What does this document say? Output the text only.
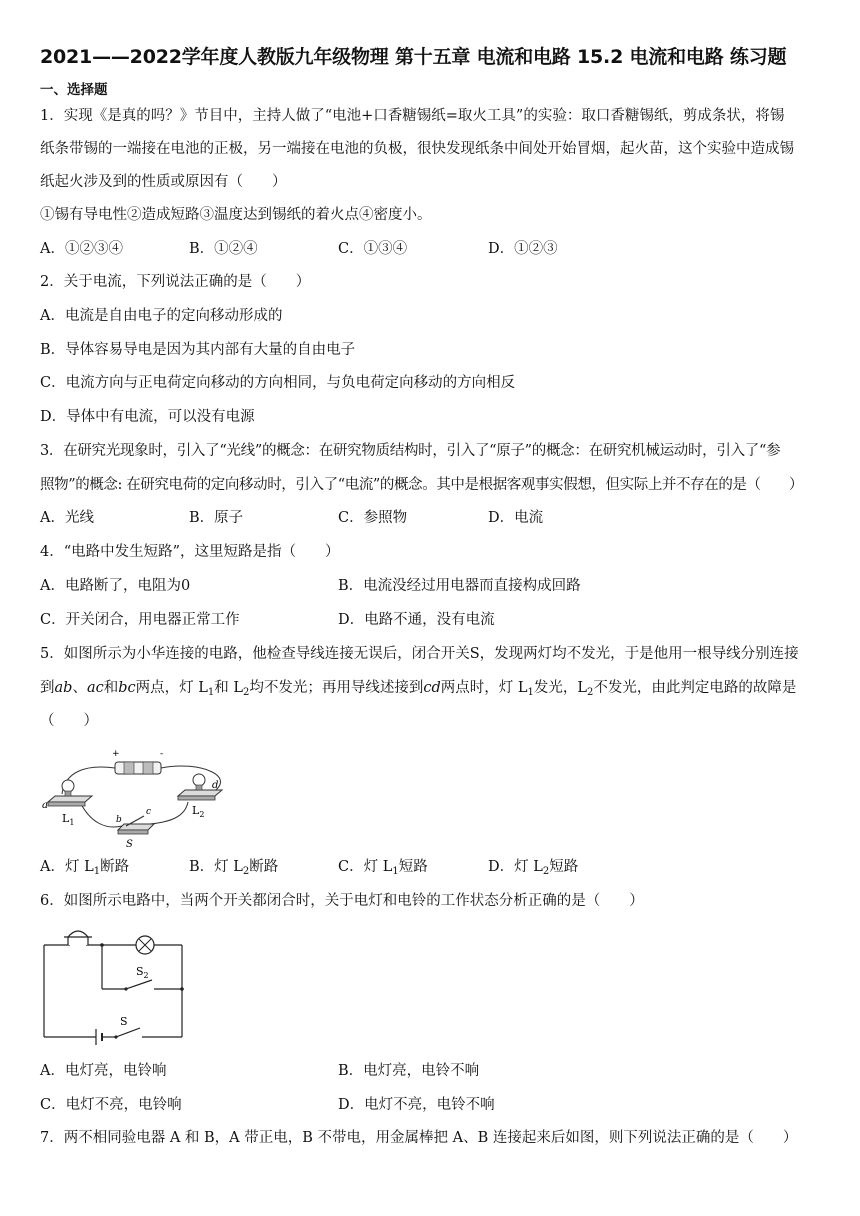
2021——2022学年度人教版九年级物理 第十五章 电流和电路 15.2 电流和电路 练习题
一、选择题
1．实现《是真的吗？》节目中，主持人做了“电池+口香糖锡纸=取火工具”的实验：取口香糖锡纸，剪成条状，将锡
纸条带锡的一端接在电池的正极，另一端接在电池的负极，很快发现纸条中间处开始冒烟，起火苗，这个实验中造成锡
纸起火涉及到的性质或原因有（　　）
①锡有导电性②造成短路③温度达到锡纸的着火点④密度小。
A．①②③④	B．①②④	C．①③④	D．①②③
2．关于电流，下列说法正确的是（　　）
A．电流是自由电子的定向移动形成的
B．导体容易导电是因为其内部有大量的自由电子
C．电流方向与正电荷定向移动的方向相同，与负电荷定向移动的方向相反
D．导体中有电流，可以没有电源
3．在研究光现象时，引入了“光线”的概念：在研究物质结构时，引入了“原子”的概念：在研究机械运动时，引入了“参
照物”的概念: 在研究电荷的定向移动时，引入了“电流”的概念。其中是根据客观事实假想，但实际上并不存在的是（　　）
A．光线	B．原子	C．参照物	D．电流
4．“电路中发生短路”，这里短路是指（　　）
A．电路断了，电阻为0	B．电流没经过用电器而直接构成回路
C．开关闭合，用电器正常工作	D．电路不通，没有电流
5．如图所示为小华连接的电路，他检查导线连接无误后，闭合开关S，发现两灯均不发光，于是他用一根导线分别连接
到ab、ac和bc两点，灯 $L_1$和 $L_2$均不发光；再用导线述接到cd两点时，灯 $L_1$发光，$L_2$不发光，由此判定电路的故障是
（　　）
+	-
a
$L_1$
d
$L_2$
b
c
S
A．灯 $L_1$断路	B．灯 $L_2$断路	C．灯 $L_1$短路	D．灯 $L_2$短路
6．如图所示电路中，当两个开关都闭合时，关于电灯和电铃的工作状态分析正确的是（　　）
$S_2$
S
A．电灯亮，电铃响	B．电灯亮，电铃不响
C．电灯不亮，电铃响	D．电灯不亮，电铃不响
7．两不相同验电器 A 和 B，A 带正电，B 不带电，用金属棒把 A、B 连接起来后如图，则下列说法正确的是（　　）
